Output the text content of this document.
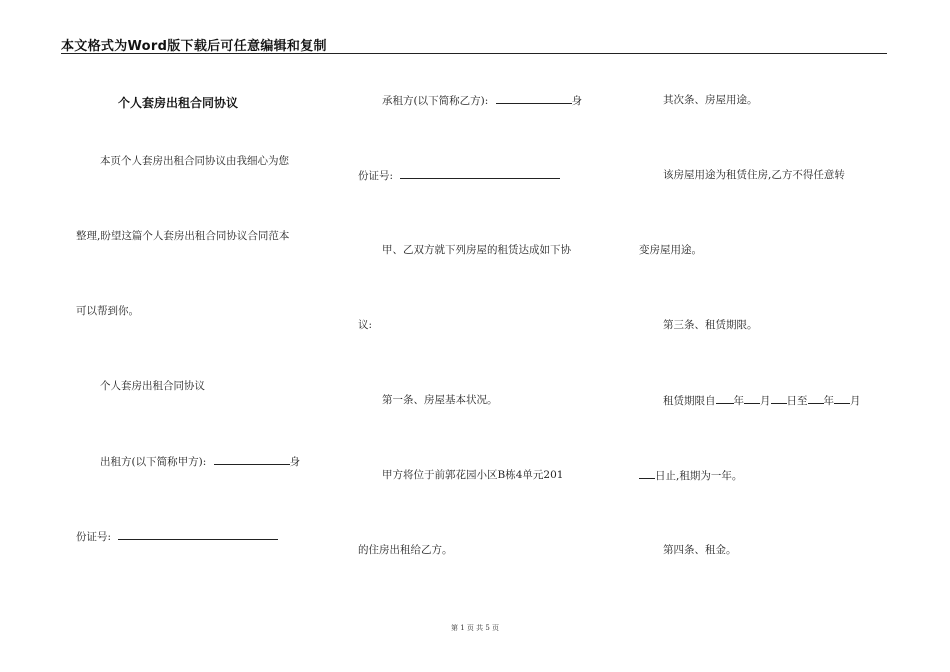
本文格式为Word版下载后可任意编辑和复制
个人套房出租合同协议
本页个人套房出租合同协议由我细心为您
整理,盼望这篇个人套房出租合同协议合同范本
可以帮到你。
个人套房出租合同协议
出租方(以下简称甲方):	身
份证号:
承租方(以下简称乙方):	身
份证号:
甲、乙双方就下列房屋的租赁达成如下协
议:
第一条、房屋基本状况。
甲方将位于前郭花园小区B栋4单元201
的住房出租给乙方。
其次条、房屋用途。
该房屋用途为租赁住房,乙方不得任意转
变房屋用途。
第三条、租赁期限。
租赁期限自 年 月 日至 年 月
日止,租期为一年。
第四条、租金。
第 1 页 共 5 页
